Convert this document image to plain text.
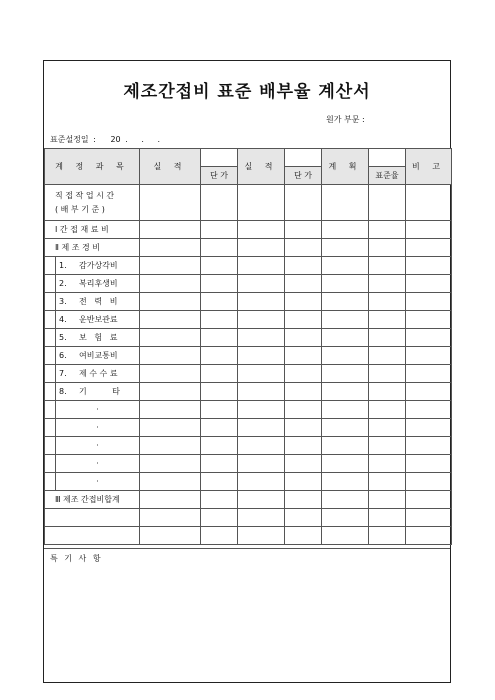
제조간접비 표준 배부율 계산서
원가 부문 :
표준설정일 : 20 .   .   .
계 정 과 목	실 적		실 적		계 획		비 고
		단 가		단 가		표준율	

직 접 작 업 시 간
( 배 부 기 준 )							

Ⅰ 간 접 재 료 비							
Ⅱ 제 조 경 비							

1. 감가상각비							

2. 복리후생비							

3. 전   력   비							

4. 운반보관료							

5. 보   험   료							

6. 여비교통비							

7. 제 수 수 료							

8. 기          타							

·							

·							

·							

·							

·							

Ⅲ 제조 간접비합계							

특 기 사 항
